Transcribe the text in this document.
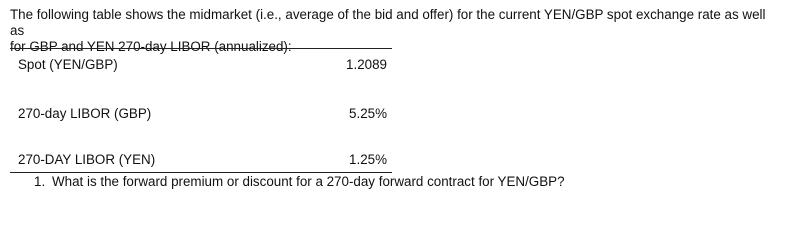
The following table shows the midmarket (i.e., average of the bid and offer) for the current YEN/GBP spot exchange rate as well as
for GBP and YEN 270-day LIBOR (annualized):
Spot (YEN/GBP)	1.2089
270-day LIBOR (GBP)	5.25%
270-DAY LIBOR (YEN)	1.25%
1. What is the forward premium or discount for a 270-day forward contract for YEN/GBP?
